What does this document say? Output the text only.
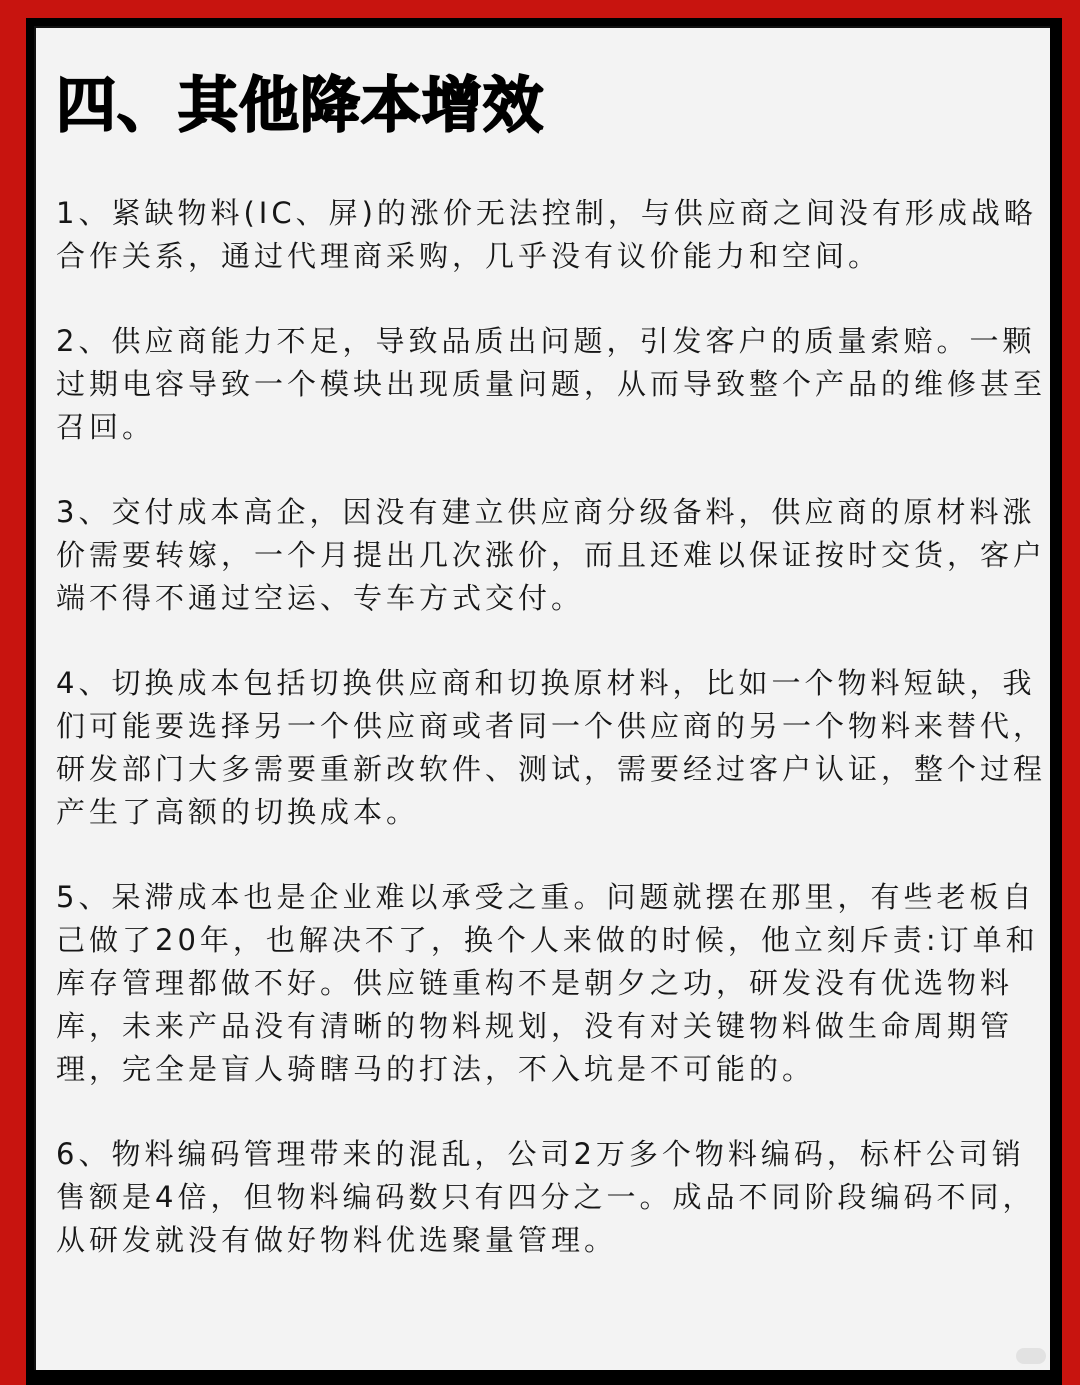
四、其他降本增效

1、紧缺物料(IC、屏)的涨价无法控制，与供应商之间没有形成战略合作关系，通过代理商采购，几乎没有议价能力和空间。

2、供应商能力不足，导致品质出问题，引发客户的质量索赔。一颗过期电容导致一个模块出现质量问题，从而导致整个产品的维修甚至召回。

3、交付成本高企，因没有建立供应商分级备料，供应商的原材料涨价需要转嫁，一个月提出几次涨价，而且还难以保证按时交货，客户端不得不通过空运、专车方式交付。

4、切换成本包括切换供应商和切换原材料，比如一个物料短缺，我们可能要选择另一个供应商或者同一个供应商的另一个物料来替代，研发部门大多需要重新改软件、测试，需要经过客户认证，整个过程产生了高额的切换成本。

5、呆滞成本也是企业难以承受之重。问题就摆在那里，有些老板自己做了20年，也解决不了，换个人来做的时候，他立刻斥责:订单和库存管理都做不好。供应链重构不是朝夕之功，研发没有优选物料库，未来产品没有清晰的物料规划，没有对关键物料做生命周期管理，完全是盲人骑瞎马的打法，不入坑是不可能的。

6、物料编码管理带来的混乱，公司2万多个物料编码，标杆公司销售额是4倍，但物料编码数只有四分之一。成品不同阶段编码不同，从研发就没有做好物料优选聚量管理。
